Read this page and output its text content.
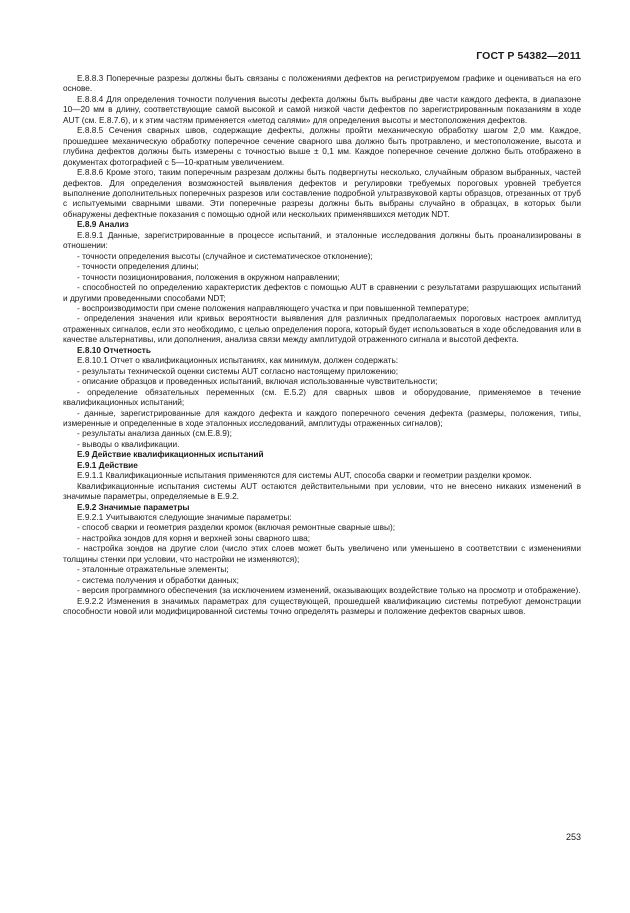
ГОСТ Р 54382—2011

Е.8.8.3 Поперечные разрезы должны быть связаны с положениями дефектов на регистрируемом графике и оцениваться на его основе.

Е.8.8.4 Для определения точности получения высоты дефекта должны быть выбраны две части каждого дефекта, в диапазоне 10—20 мм в длину, соответствующие самой высокой и самой низкой части дефектов по зарегистрированным показаниям в ходе AUT (см. Е.8.7.6), и к этим частям применяется «метод салями» для определения высоты и местоположения дефектов.

Е.8.8.5 Сечения сварных швов, содержащие дефекты, должны пройти механическую обработку шагом 2,0 мм. Каждое, прошедшее механическую обработку поперечное сечение сварного шва должно быть протравлено, и местоположение, высота и глубина дефектов должны быть измерены с точностью выше ± 0,1 мм. Каждое поперечное сечение должно быть отображено в документах фотографией с 5—10-кратным увеличением.

Е.8.8.6 Кроме этого, таким поперечным разрезам должны быть подвергнуты несколько, случайным образом выбранных, частей дефектов. Для определения возможностей выявления дефектов и регулировки требуемых пороговых уровней требуется выполнение дополнительных поперечных разрезов или составление подробной ультразвуковой карты образцов, отрезанных от труб с испытуемыми сварными швами. Эти поперечные разрезы должны быть выбраны случайно в образцах, в которых были обнаружены дефектные показания с помощью одной или нескольких применявшихся методик NDT.

Е.8.9 Анализ

Е.8.9.1 Данные, зарегистрированные в процессе испытаний, и эталонные исследования должны быть проанализированы в отношении:

- точности определения высоты (случайное и систематическое отклонение);

- точности определения длины;

- точности позиционирования, положения в окружном направлении;

- способностей по определению характеристик дефектов с помощью AUT в сравнении с результатами разрушающих испытаний и другими проведенными способами NDT;

- воспроизводимости при смене положения направляющего участка и при повышенной температуре;

- определения значения или кривых вероятности выявления для различных предполагаемых пороговых настроек амплитуд отраженных сигналов, если это необходимо, с целью определения порога, который будет использоваться в ходе обследования или в качестве альтернативы, или дополнения, анализа связи между амплитудой отраженного сигнала и высотой дефекта.

Е.8.10 Отчетность

Е.8.10.1 Отчет о квалификационных испытаниях, как минимум, должен содержать:

- результаты технической оценки системы AUT согласно настоящему приложению;

- описание образцов и проведенных испытаний, включая использованные чувствительности;

- определение обязательных переменных (см. Е.5.2) для сварных швов и оборудование, применяемое в течение квалификационных испытаний;

- данные, зарегистрированные для каждого дефекта и каждого поперечного сечения дефекта (размеры, положения, типы, измеренные и определенные в ходе эталонных исследований, амплитуды отраженных сигналов);

- результаты анализа данных (см.Е.8.9);

- выводы о квалификации.

Е.9 Действие квалификационных испытаний

Е.9.1 Действие

Е.9.1.1 Квалификационные испытания применяются для системы AUT, способа сварки и геометрии разделки кромок.

Квалификационные испытания системы AUT остаются действительными при условии, что не внесено никаких изменений в значимые параметры, определяемые в Е.9.2.

Е.9.2 Значимые параметры

Е.9.2.1 Учитываются следующие значимые параметры:

- способ сварки и геометрия разделки кромок (включая ремонтные сварные швы);

- настройка зондов для корня и верхней зоны сварного шва;

- настройка зондов на другие слои (число этих слоев может быть увеличено или уменьшено в соответствии с изменениями толщины стенки при условии, что настройки не изменяются);

- эталонные отражательные элементы;

- система получения и обработки данных;

- версия программного обеспечения (за исключением изменений, оказывающих воздействие только на просмотр и отображение).

Е.9.2.2 Изменения в значимых параметрах для существующей, прошедшей квалификацию системы потребуют демонстрации способности новой или модифицированной системы точно определять размеры и положение дефектов сварных швов.

253
